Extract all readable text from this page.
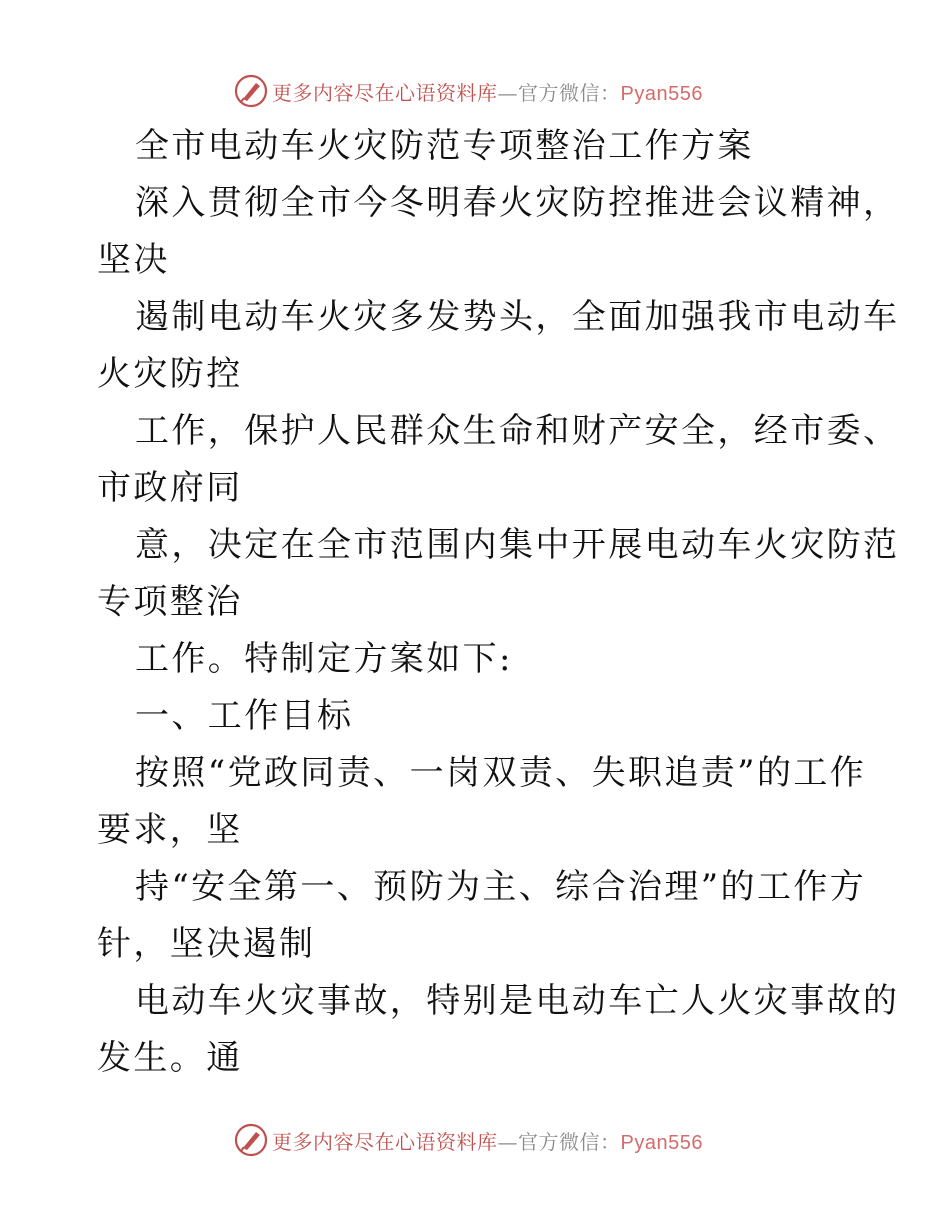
更多内容尽在心语资料库—官方微信：Pyan556
全市电动车火灾防范专项整治工作方案
深入贯彻全市今冬明春火灾防控推进会议精神，
坚决
遏制电动车火灾多发势头，全面加强我市电动车
火灾防控
工作，保护人民群众生命和财产安全，经市委、
市政府同
意，决定在全市范围内集中开展电动车火灾防范
专项整治
工作。特制定方案如下:
一、工作目标
按照“党政同责、一岗双责、失职追责”的工作
要求，坚
持“安全第一、预防为主、综合治理”的工作方
针，坚决遏制
电动车火灾事故，特别是电动车亡人火灾事故的
发生。通
更多内容尽在心语资料库—官方微信：Pyan556
